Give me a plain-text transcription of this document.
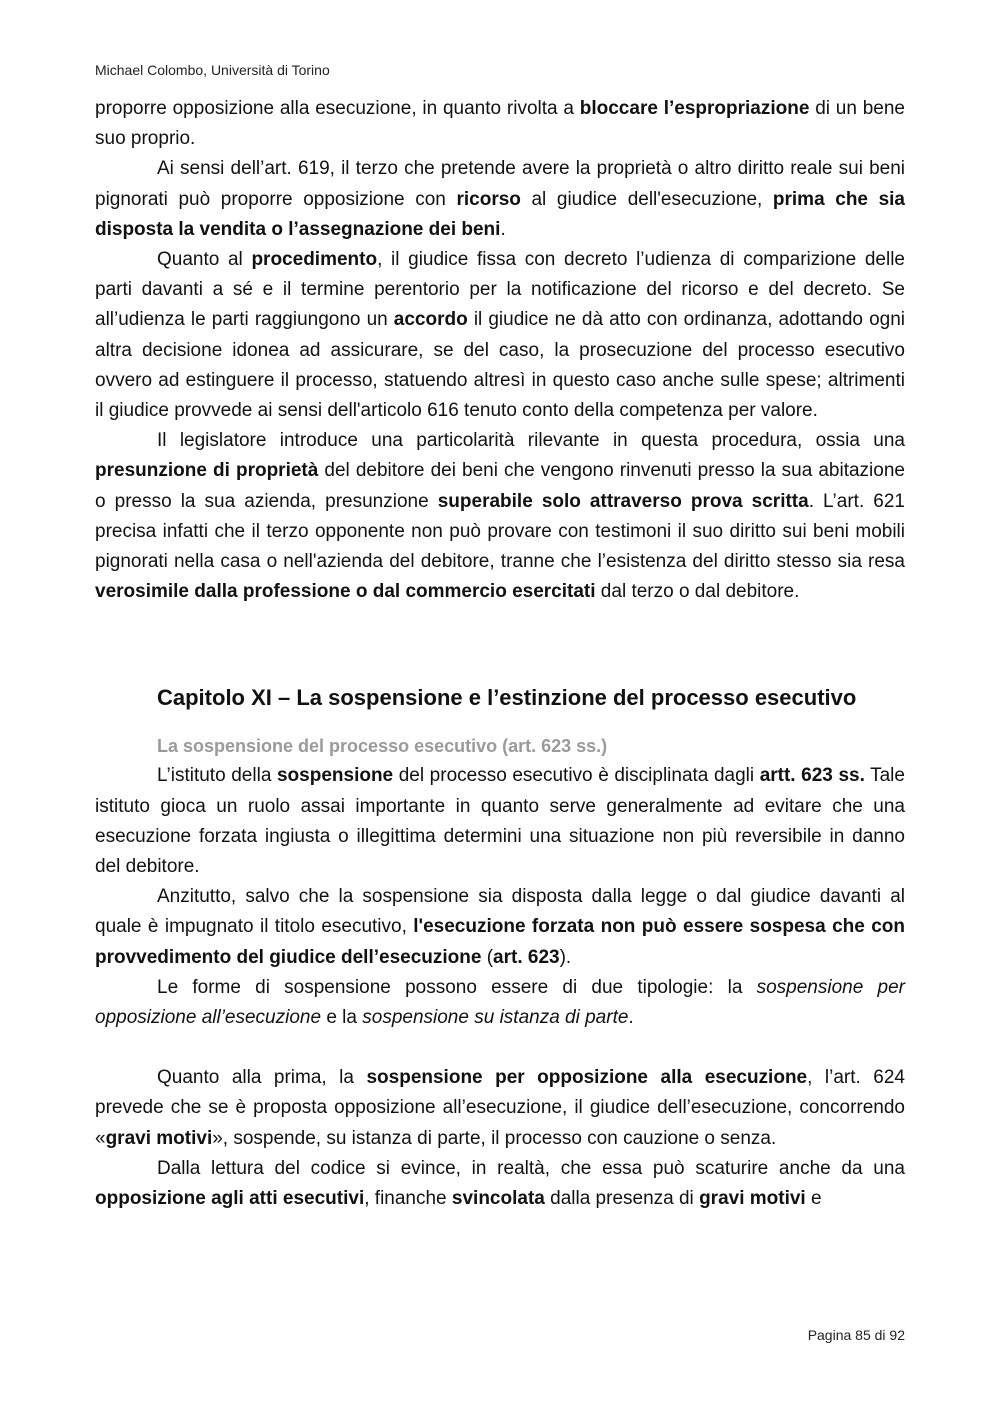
Michael Colombo, Università di Torino

proporre opposizione alla esecuzione, in quanto rivolta a bloccare l’espropriazione di un bene suo proprio.

Ai sensi dell’art. 619, il terzo che pretende avere la proprietà o altro diritto reale sui beni pignorati può proporre opposizione con ricorso al giudice dell'esecuzione, prima che sia disposta la vendita o l’assegnazione dei beni.

Quanto al procedimento, il giudice fissa con decreto l’udienza di comparizione delle parti davanti a sé e il termine perentorio per la notificazione del ricorso e del decreto. Se all’udienza le parti raggiungono un accordo il giudice ne dà atto con ordinanza, adottando ogni altra decisione idonea ad assicurare, se del caso, la prosecuzione del processo esecutivo ovvero ad estinguere il processo, statuendo altresì in questo caso anche sulle spese; altrimenti il giudice provvede ai sensi dell'articolo 616 tenuto conto della competenza per valore.

Il legislatore introduce una particolarità rilevante in questa procedura, ossia una presunzione di proprietà del debitore dei beni che vengono rinvenuti presso la sua abitazione o presso la sua azienda, presunzione superabile solo attraverso prova scritta. L’art. 621 precisa infatti che il terzo opponente non può provare con testimoni il suo diritto sui beni mobili pignorati nella casa o nell'azienda del debitore, tranne che l’esistenza del diritto stesso sia resa verosimile dalla professione o dal commercio esercitati dal terzo o dal debitore.

Capitolo XI – La sospensione e l’estinzione del processo esecutivo
La sospensione del processo esecutivo (art. 623 ss.)

L’istituto della sospensione del processo esecutivo è disciplinata dagli artt. 623 ss. Tale istituto gioca un ruolo assai importante in quanto serve generalmente ad evitare che una esecuzione forzata ingiusta o illegittima determini una situazione non più reversibile in danno del debitore.

Anzitutto, salvo che la sospensione sia disposta dalla legge o dal giudice davanti al quale è impugnato il titolo esecutivo, l'esecuzione forzata non può essere sospesa che con provvedimento del giudice dell’esecuzione (art. 623).

Le forme di sospensione possono essere di due tipologie: la sospensione per opposizione all’esecuzione e la sospensione su istanza di parte.

Quanto alla prima, la sospensione per opposizione alla esecuzione, l’art. 624 prevede che se è proposta opposizione all’esecuzione, il giudice dell’esecuzione, concorrendo «gravi motivi», sospende, su istanza di parte, il processo con cauzione o senza.

Dalla lettura del codice si evince, in realtà, che essa può scaturire anche da una opposizione agli atti esecutivi, finanche svincolata dalla presenza di gravi motivi e

Pagina 85 di 92
